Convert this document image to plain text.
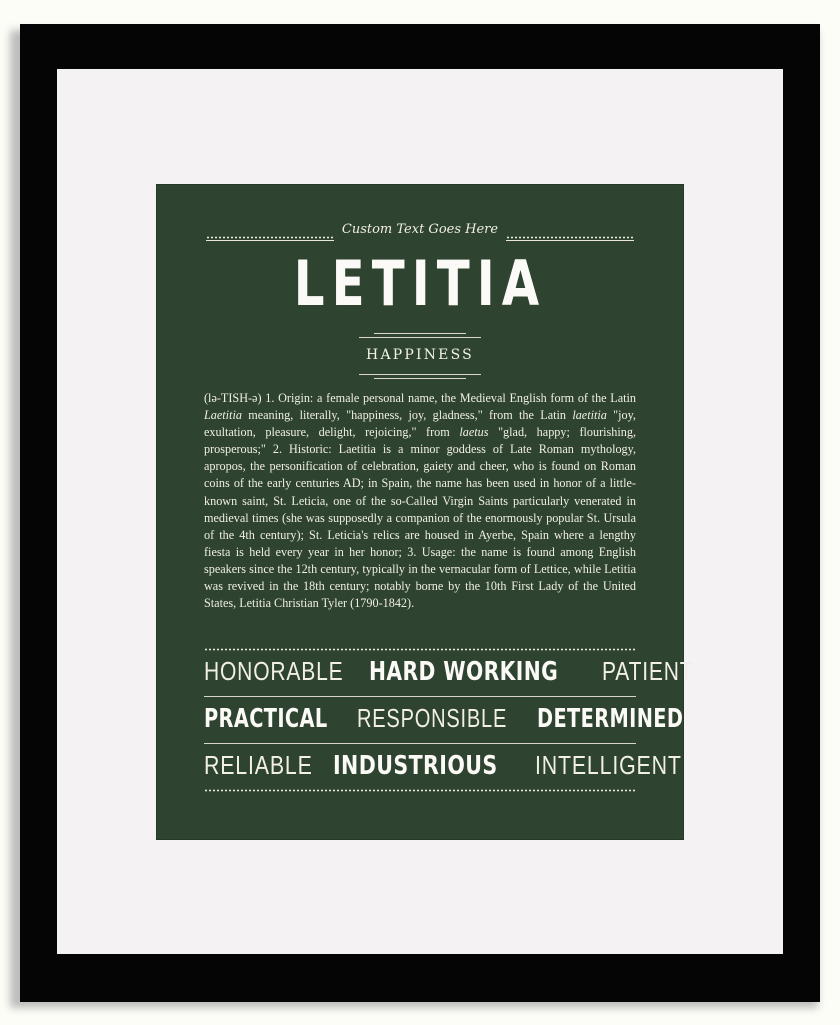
Custom Text Goes Here
LETITIA
HAPPINESS
(lə-TISH-ə) 1. Origin: a female personal name, the Medieval English form of the Latin Laetitia meaning, literally, "happiness, joy, gladness," from the Latin laetitia "joy, exultation, pleasure, delight, rejoicing," from laetus "glad, happy; flourishing, prosperous;" 2. Historic: Laetitia is a minor goddess of Late Roman mythology, apropos, the personification of celebration, gaiety and cheer, who is found on Roman coins of the early centuries AD; in Spain, the name has been used in honor of a little-known saint, St. Leticia, one of the so-Called Virgin Saints particularly venerated in medieval times (she was supposedly a companion of the enormously popular St. Ursula of the 4th century); St. Leticia's relics are housed in Ayerbe, Spain where a lengthy fiesta is held every year in her honor; 3. Usage: the name is found among English speakers since the 12th century, typically in the vernacular form of Lettice, while Letitia was revived in the 18th century; notably borne by the 10th First Lady of the United States, Letitia Christian Tyler (1790-1842).
HONORABLE HARD WORKING PATIENT
PRACTICAL RESPONSIBLE DETERMINED
RELIABLE INDUSTRIOUS INTELLIGENT
